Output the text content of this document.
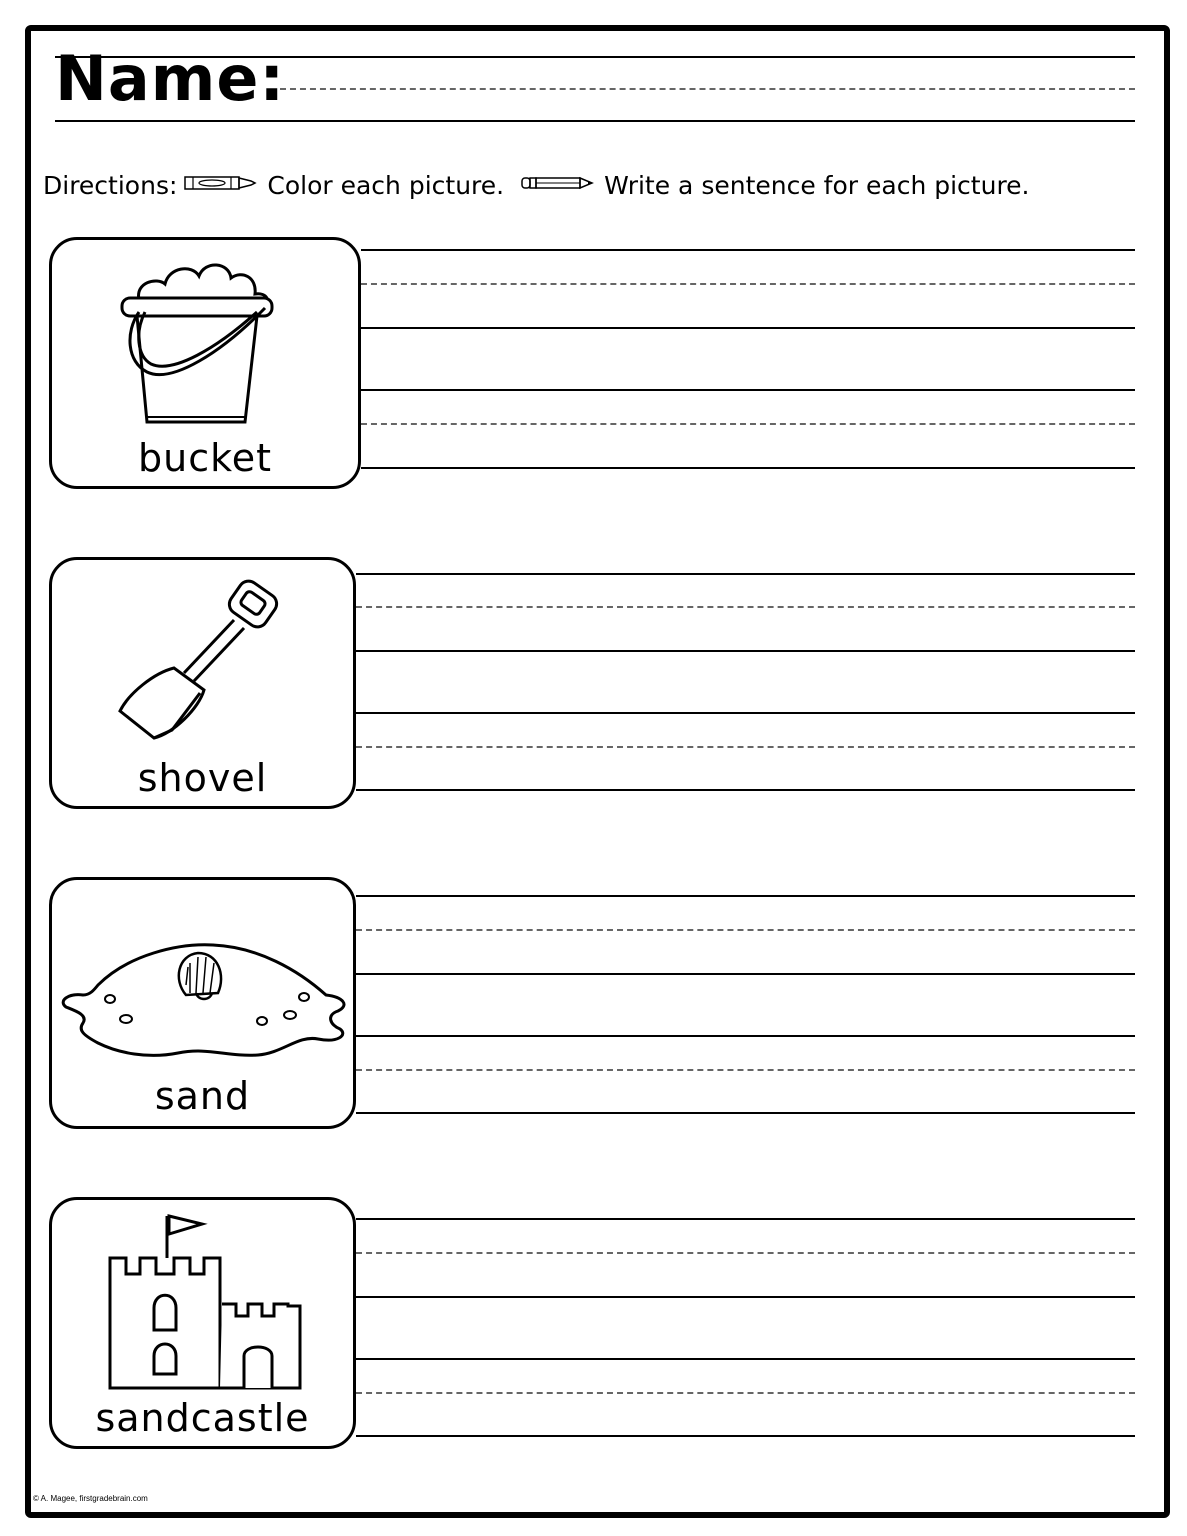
Name:
Directions:	Color each picture.	Write a sentence for each picture.
bucket
shovel
sand
sandcastle
© A. Magee, firstgradebrain.com
